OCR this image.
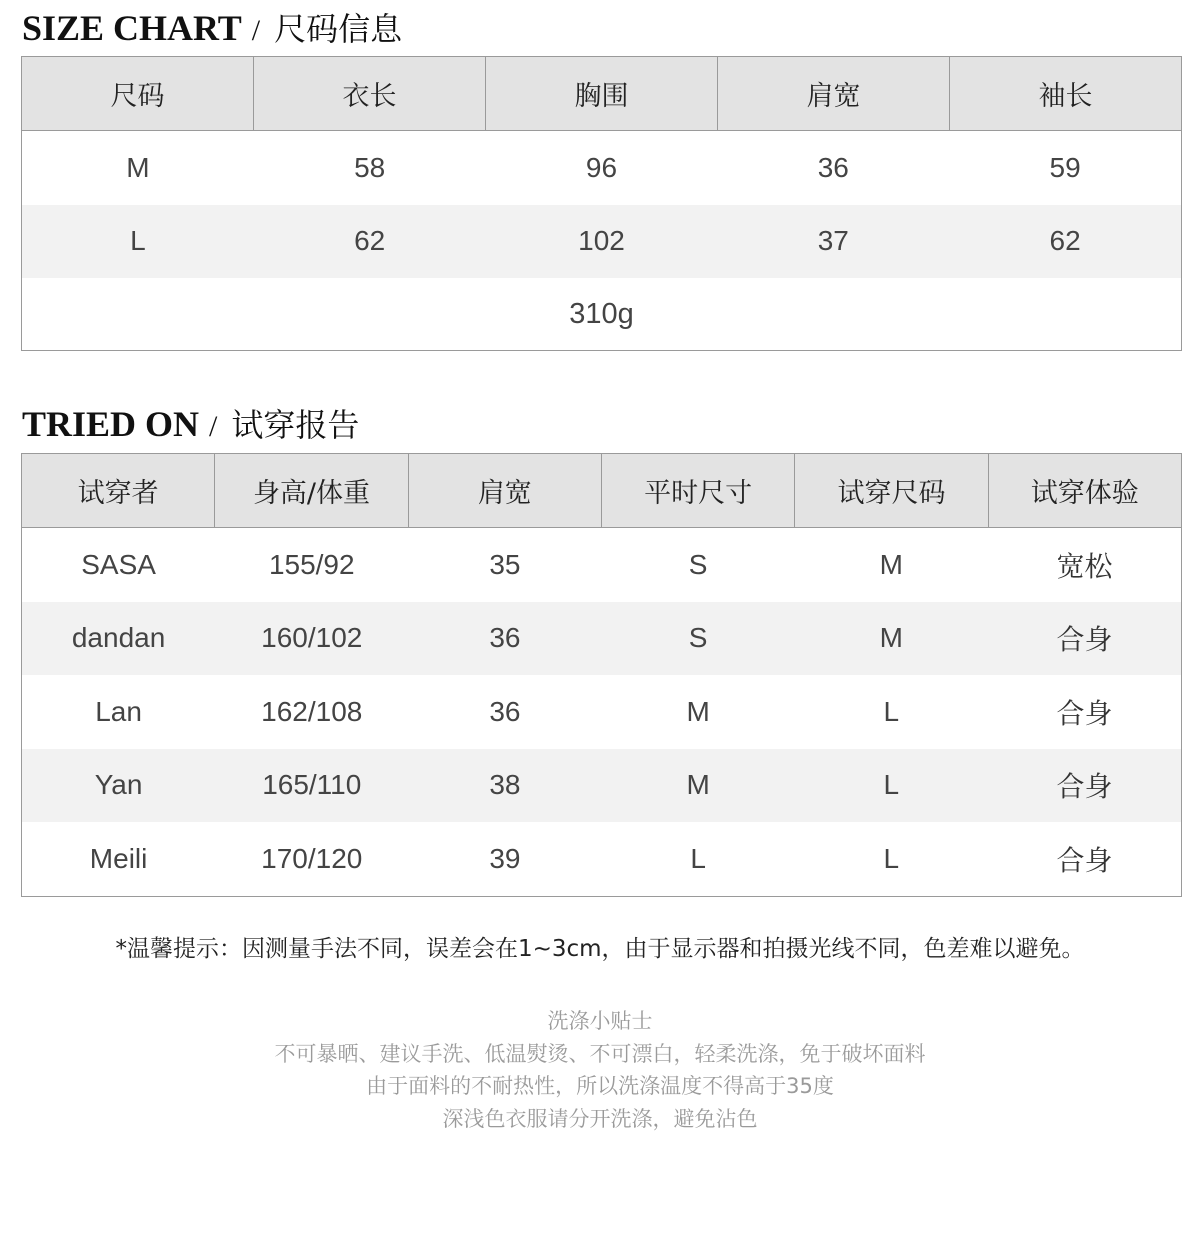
SIZE CHART / 尺码信息
尺码	衣长	胸围	肩宽	袖长
M	58	96	36	59
L	62	102	37	62
310g
TRIED ON / 试穿报告
试穿者	身高/体重	肩宽	平时尺寸	试穿尺码	试穿体验
SASA	155/92	35	S	M	宽松
dandan	160/102	36	S	M	合身
Lan	162/108	36	M	L	合身
Yan	165/110	38	M	L	合身
Meili	170/120	39	L	L	合身
*温馨提示：因测量手法不同，误差会在1~3cm，由于显示器和拍摄光线不同，色差难以避免。
洗涤小贴士
不可暴晒、建议手洗、低温熨烫、不可漂白，轻柔洗涤，免于破坏面料
由于面料的不耐热性，所以洗涤温度不得高于35度
深浅色衣服请分开洗涤，避免沾色
